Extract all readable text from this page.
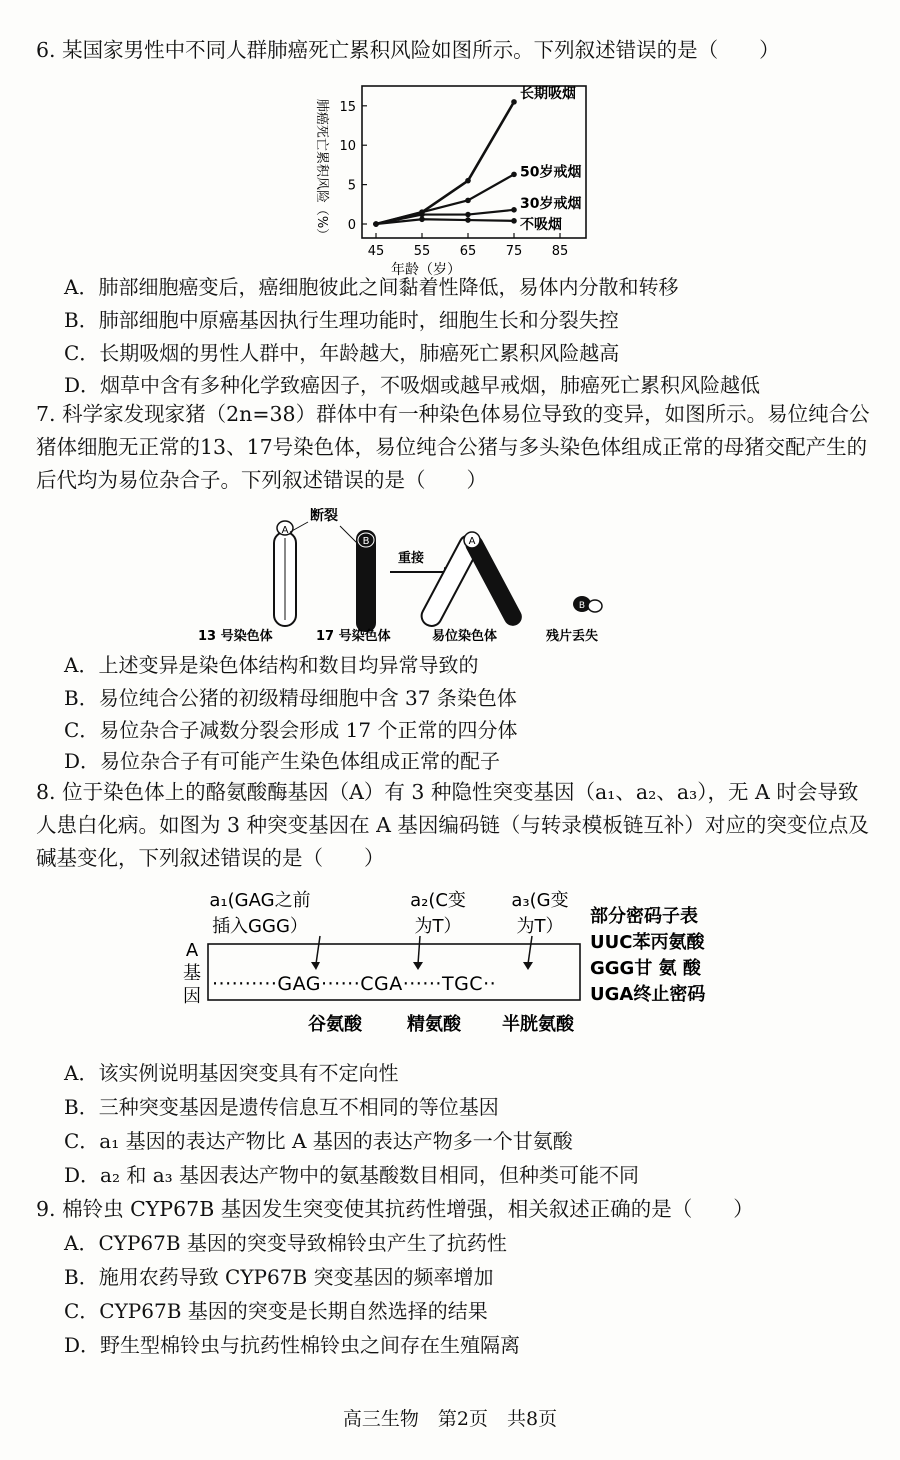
6. 某国家男性中不同人群肺癌死亡累积风险如图所示。下列叙述错误的是（　　）
肺癌死亡累积风险（%） 0
5
10
15
45 55 65 75 85
长期吸烟
50岁戒烟
30岁戒烟
不吸烟
年龄（岁）
A．肺部细胞癌变后，癌细胞彼此之间黏着性降低，易体内分散和转移
B．肺部细胞中原癌基因执行生理功能时，细胞生长和分裂失控
C．长期吸烟的男性人群中，年龄越大，肺癌死亡累积风险越高
D．烟草中含有多种化学致癌因子，不吸烟或越早戒烟，肺癌死亡累积风险越低
7. 科学家发现家猪（2n=38）群体中有一种染色体易位导致的变异，如图所示。易位纯合公猪体细胞无正常的13、17号染色体，易位纯合公猪与多头染色体组成正常的母猪交配产生的后代均为易位杂合子。下列叙述错误的是（　　）
A
断裂
B
重接
A
B
13 号染色体	17 号染色体	易位染色体	残片丢失
A．上述变异是染色体结构和数目均异常导致的
B．易位纯合公猪的初级精母细胞中含 37 条染色体
C．易位杂合子减数分裂会形成 17 个正常的四分体
D．易位杂合子有可能产生染色体组成正常的配子
8. 位于染色体上的酪氨酸酶基因（A）有 3 种隐性突变基因（a₁、a₂、a₃），无 A 时会导致人患白化病。如图为 3 种突变基因在 A 基因编码链（与转录模板链互补）对应的突变位点及碱基变化，下列叙述错误的是（　　）
a₁(GAG之前
插入GGG）
a₂(C变
为T）
a₃(G变
为T）
A
基
因
··········GAG······CGA······TGC··
谷氨酸	精氨酸 半胱氨酸
部分密码子表
UUC苯丙氨酸
GGG甘 氨 酸
UGA终止密码
A．该实例说明基因突变具有不定向性
B．三种突变基因是遗传信息互不相同的等位基因
C．a₁ 基因的表达产物比 A 基因的表达产物多一个甘氨酸
D．a₂ 和 a₃ 基因表达产物中的氨基酸数目相同，但种类可能不同
9. 棉铃虫 CYP67B 基因发生突变使其抗药性增强，相关叙述正确的是（　　）
A．CYP67B 基因的突变导致棉铃虫产生了抗药性
B．施用农药导致 CYP67B 突变基因的频率增加
C．CYP67B 基因的突变是长期自然选择的结果
D．野生型棉铃虫与抗药性棉铃虫之间存在生殖隔离
高三生物　第2页　共8页
